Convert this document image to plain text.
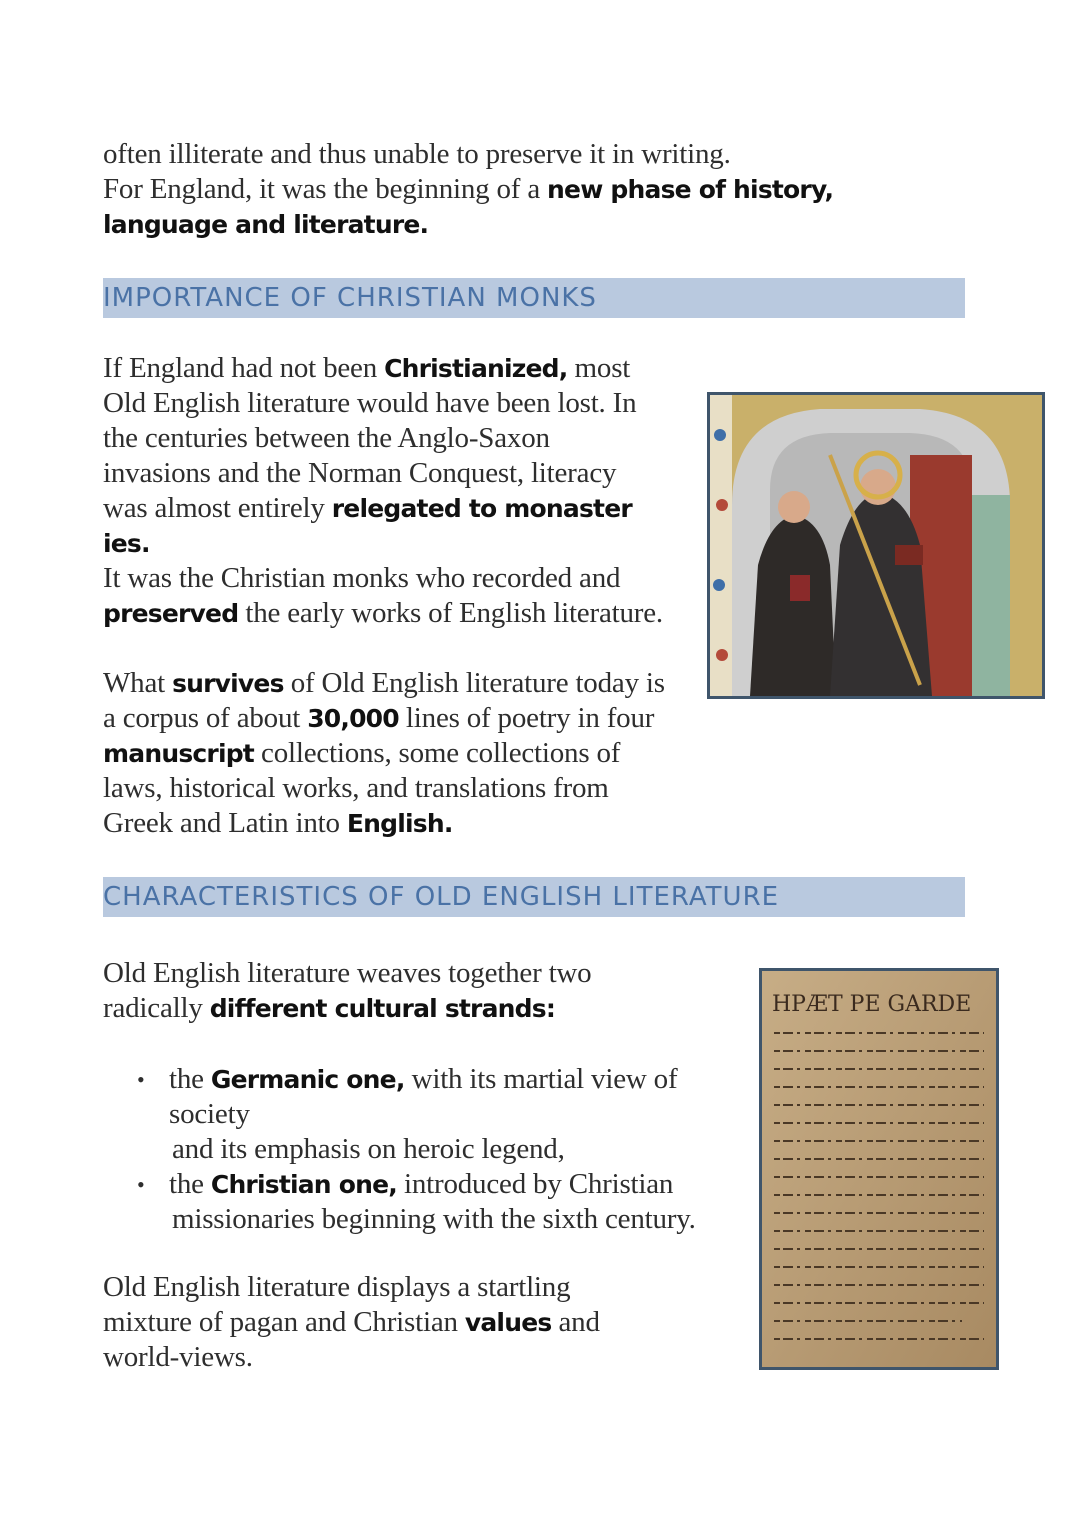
often illiterate and thus unable to preserve it in writing.
For England, it was the beginning of a new phase of history,
language and literature.

IMPORTANCE OF CHRISTIAN MONKS

If England had not been Christianized, most
Old English literature would have been lost. In
the centuries between the Anglo-Saxon
invasions and the Norman Conquest, literacy
was almost entirely relegated to monaster
ies.
It was the Christian monks who recorded and
preserved the early works of English literature.

What survives of Old English literature today is
a corpus of about 30,000 lines of poetry in four
manuscript collections, some collections of
laws, historical works, and translations from
Greek and Latin into English.

CHARACTERISTICS OF OLD ENGLISH LITERATURE

Old English literature weaves together two
radically different cultural strands:

• the Germanic one, with its martial view of
society
and its emphasis on heroic legend,
• the Christian one, introduced by Christian
missionaries beginning with the sixth century.

Old English literature displays a startling
mixture of pagan and Christian values and
world-views.

HPÆT PE GARDE
